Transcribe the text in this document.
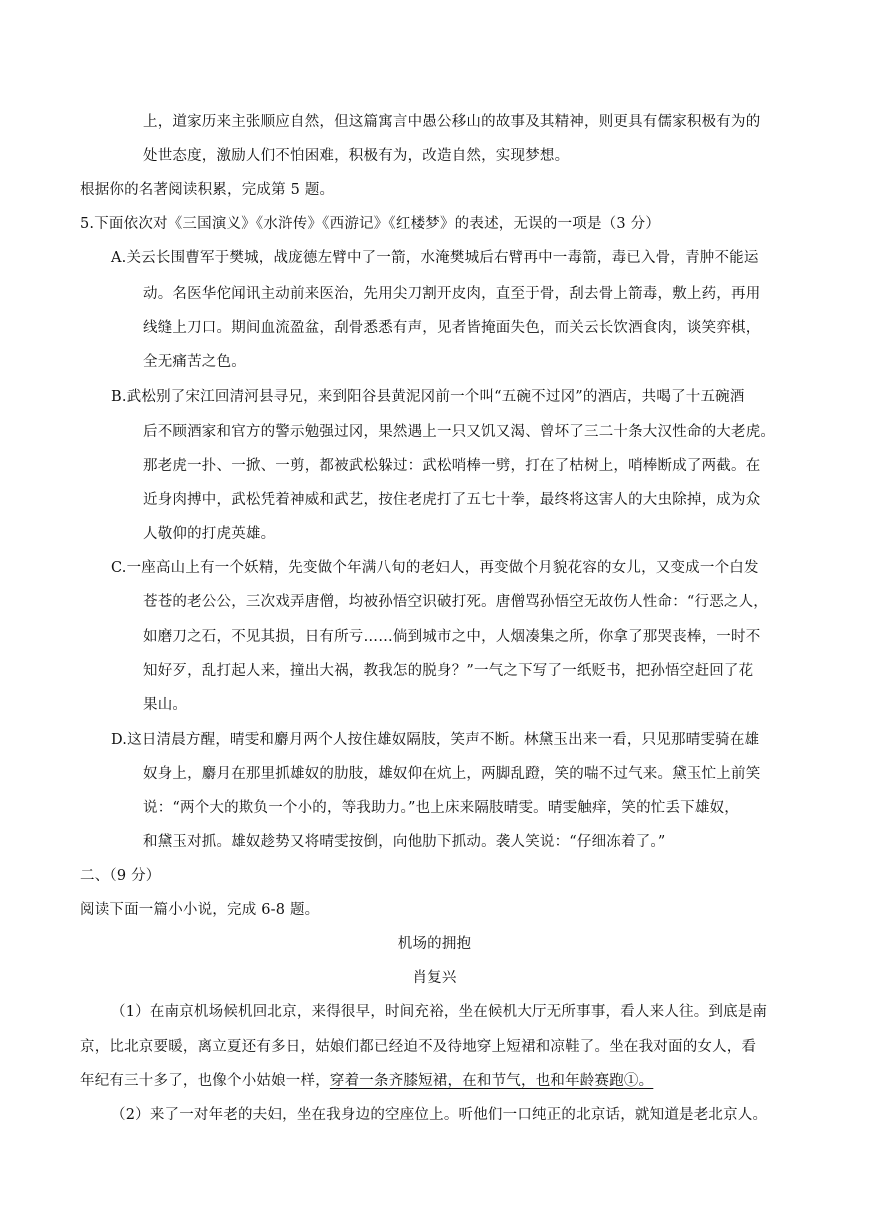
上，道家历来主张顺应自然，但这篇寓言中愚公移山的故事及其精神，则更具有儒家积极有为的
处世态度，激励人们不怕困难，积极有为，改造自然，实现梦想。
根据你的名著阅读积累，完成第 5 题。
5.下面依次对《三国演义》《水浒传》《西游记》《红楼梦》的表述，无误的一项是（3 分）
A.关云长围曹军于樊城，战庞德左臂中了一箭，水淹樊城后右臂再中一毒箭，毒已入骨，青肿不能运
动。名医华佗闻讯主动前来医治，先用尖刀割开皮肉，直至于骨，刮去骨上箭毒，敷上药，再用
线缝上刀口。期间血流盈盆，刮骨悉悉有声，见者皆掩面失色，而关云长饮酒食肉，谈笑弈棋，
全无痛苦之色。
B.武松别了宋江回清河县寻兄，来到阳谷县黄泥冈前一个叫“五碗不过冈”的酒店，共喝了十五碗酒
后不顾酒家和官方的警示勉强过冈，果然遇上一只又饥又渴、曾坏了三二十条大汉性命的大老虎。
那老虎一扑、一掀、一剪，都被武松躲过：武松哨棒一劈，打在了枯树上，哨棒断成了两截。在
近身肉搏中，武松凭着神威和武艺，按住老虎打了五七十拳，最终将这害人的大虫除掉，成为众
人敬仰的打虎英雄。
C.一座高山上有一个妖精，先变做个年满八旬的老妇人，再变做个月貌花容的女儿，又变成一个白发
苍苍的老公公，三次戏弄唐僧，均被孙悟空识破打死。唐僧骂孙悟空无故伤人性命：“行恶之人，
如磨刀之石，不见其损，日有所亏……倘到城市之中，人烟凑集之所，你拿了那哭丧棒，一时不
知好歹，乱打起人来，撞出大祸，教我怎的脱身？”一气之下写了一纸贬书，把孙悟空赶回了花
果山。
D.这日清晨方醒，晴雯和麝月两个人按住雄奴隔肢，笑声不断。林黛玉出来一看，只见那晴雯骑在雄
奴身上，麝月在那里抓雄奴的肋肢，雄奴仰在炕上，两脚乱蹬，笑的喘不过气来。黛玉忙上前笑
说：“两个大的欺负一个小的，等我助力。”也上床来隔肢晴雯。晴雯触痒，笑的忙丢下雄奴，
和黛玉对抓。雄奴趁势又将晴雯按倒，向他肋下抓动。袭人笑说：“仔细冻着了。”
二、（9 分）
阅读下面一篇小小说，完成 6-8 题。
机场的拥抱
肖复兴
（1）在南京机场候机回北京，来得很早，时间充裕，坐在候机大厅无所事事，看人来人往。到底是南
京，比北京要暖，离立夏还有多日，姑娘们都已经迫不及待地穿上短裙和凉鞋了。坐在我对面的女人，看
年纪有三十多了，也像个小姑娘一样，穿着一条齐膝短裙，在和节气，也和年龄赛跑①。
（2）来了一对年老的夫妇，坐在我身边的空座位上。听他们一口纯正的北京话，就知道是老北京人。
